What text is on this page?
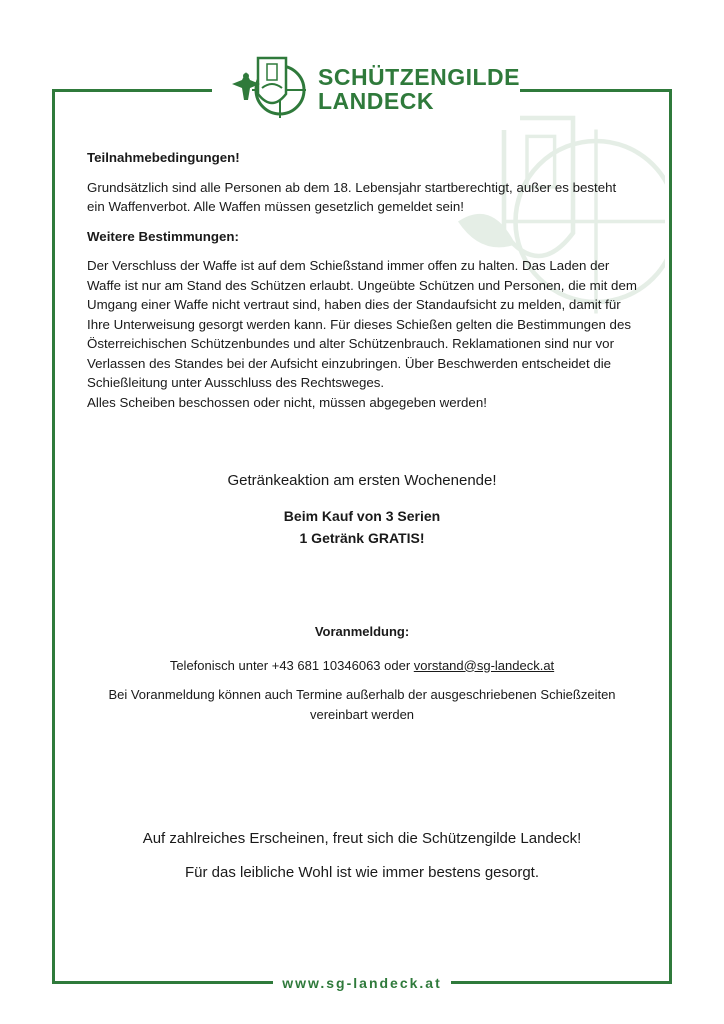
SCHÜTZENGILDE
LANDECK
Teilnahmebedingungen!
Grundsätzlich sind alle Personen ab dem 18. Lebensjahr startberechtigt, außer es besteht ein Waffenverbot. Alle Waffen müssen gesetzlich gemeldet sein!
Weitere Bestimmungen:
Der Verschluss der Waffe ist auf dem Schießstand immer offen zu halten. Das Laden der Waffe ist nur am Stand des Schützen erlaubt. Ungeübte Schützen und Personen, die mit dem Umgang einer Waffe nicht vertraut sind, haben dies der Standaufsicht zu melden, damit für Ihre Unterweisung gesorgt werden kann. Für dieses Schießen gelten die Bestimmungen des Österreichischen Schützenbundes und alter Schützenbrauch. Reklamationen sind nur vor Verlassen des Standes bei der Aufsicht einzubringen. Über Beschwerden entscheidet die Schießleitung unter Ausschluss des Rechtsweges.
Alles Scheiben beschossen oder nicht, müssen abgegeben werden!
Getränkeaktion am ersten Wochenende!
Beim Kauf von 3 Serien
1 Getränk GRATIS!
Voranmeldung:
Telefonisch unter +43 681 10346063 oder vorstand@sg-landeck.at
Bei Voranmeldung können auch Termine außerhalb der ausgeschriebenen Schießzeiten vereinbart werden
Auf zahlreiches Erscheinen, freut sich die Schützengilde Landeck!
Für das leibliche Wohl ist wie immer bestens gesorgt.
www.sg-landeck.at
